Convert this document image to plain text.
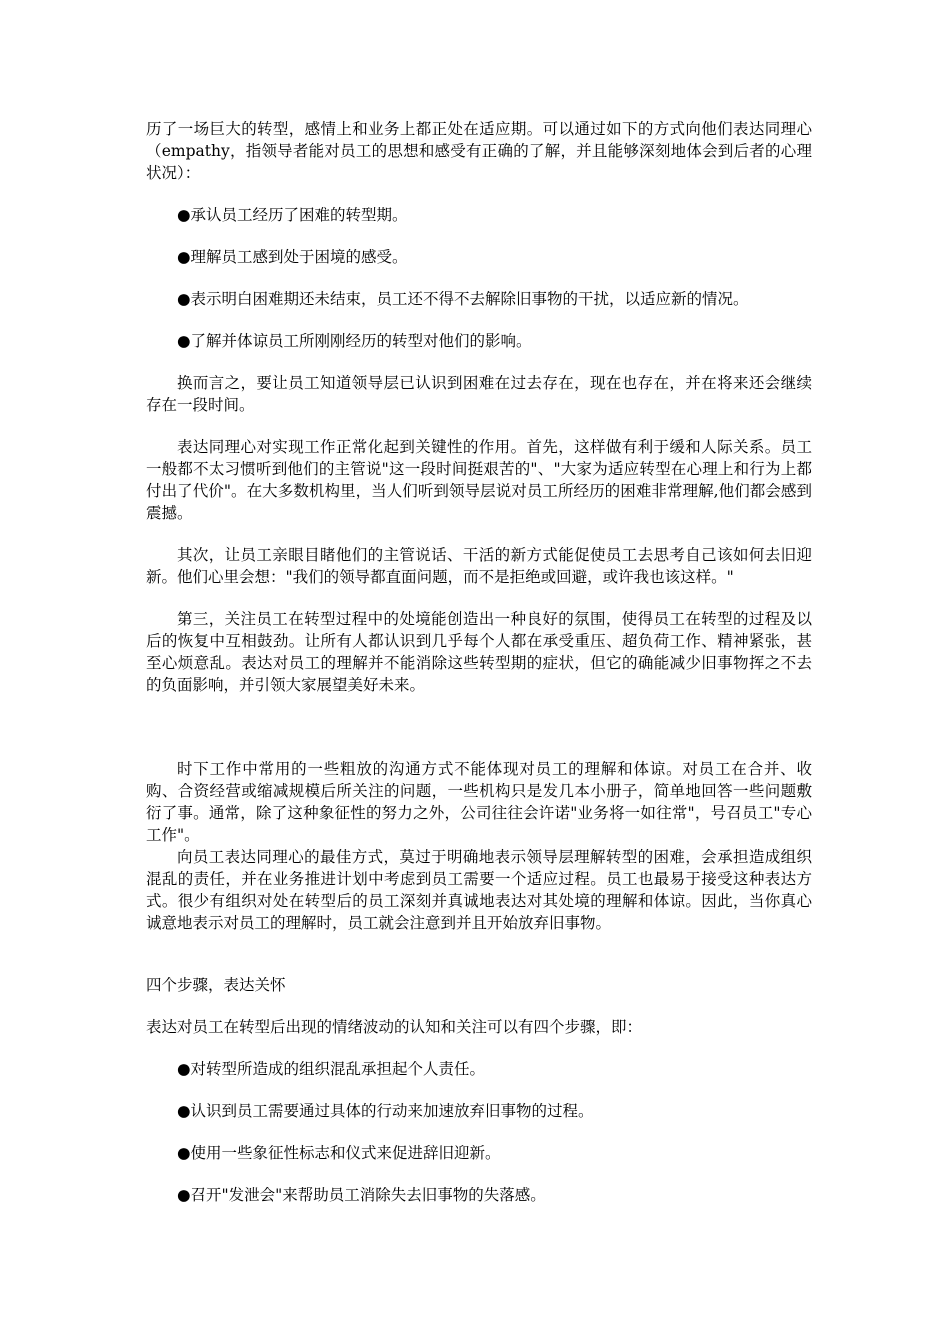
历了一场巨大的转型，感情上和业务上都正处在适应期。可以通过如下的方式向他们表达同理心（empathy，指领导者能对员工的思想和感受有正确的了解，并且能够深刻地体会到后者的心理状况）：

●承认员工经历了困难的转型期。

●理解员工感到处于困境的感受。

●表示明白困难期还未结束，员工还不得不去解除旧事物的干扰，以适应新的情况。

●了解并体谅员工所刚刚经历的转型对他们的影响。

换而言之，要让员工知道领导层已认识到困难在过去存在，现在也存在，并在将来还会继续存在一段时间。

表达同理心对实现工作正常化起到关键性的作用。首先，这样做有利于缓和人际关系。员工一般都不太习惯听到他们的主管说"这一段时间挺艰苦的"、"大家为适应转型在心理上和行为上都付出了代价"。在大多数机构里，当人们听到领导层说对员工所经历的困难非常理解,他们都会感到震撼。

其次，让员工亲眼目睹他们的主管说话、干活的新方式能促使员工去思考自己该如何去旧迎新。他们心里会想："我们的领导都直面问题，而不是拒绝或回避，或许我也该这样。"

第三，关注员工在转型过程中的处境能创造出一种良好的氛围，使得员工在转型的过程及以后的恢复中互相鼓劲。让所有人都认识到几乎每个人都在承受重压、超负荷工作、精神紧张，甚至心烦意乱。表达对员工的理解并不能消除这些转型期的症状，但它的确能减少旧事物挥之不去的负面影响，并引领大家展望美好未来。

时下工作中常用的一些粗放的沟通方式不能体现对员工的理解和体谅。对员工在合并、收购、合资经营或缩减规模后所关注的问题，一些机构只是发几本小册子，简单地回答一些问题敷衍了事。通常，除了这种象征性的努力之外，公司往往会许诺"业务将一如往常"，号召员工"专心工作"。

向员工表达同理心的最佳方式，莫过于明确地表示领导层理解转型的困难，会承担造成组织混乱的责任，并在业务推进计划中考虑到员工需要一个适应过程。员工也最易于接受这种表达方式。很少有组织对处在转型后的员工深刻并真诚地表达对其处境的理解和体谅。因此，当你真心诚意地表示对员工的理解时，员工就会注意到并且开始放弃旧事物。

四个步骤，表达关怀

表达对员工在转型后出现的情绪波动的认知和关注可以有四个步骤，即：

●对转型所造成的组织混乱承担起个人责任。

●认识到员工需要通过具体的行动来加速放弃旧事物的过程。

●使用一些象征性标志和仪式来促进辞旧迎新。

●召开"发泄会"来帮助员工消除失去旧事物的失落感。
